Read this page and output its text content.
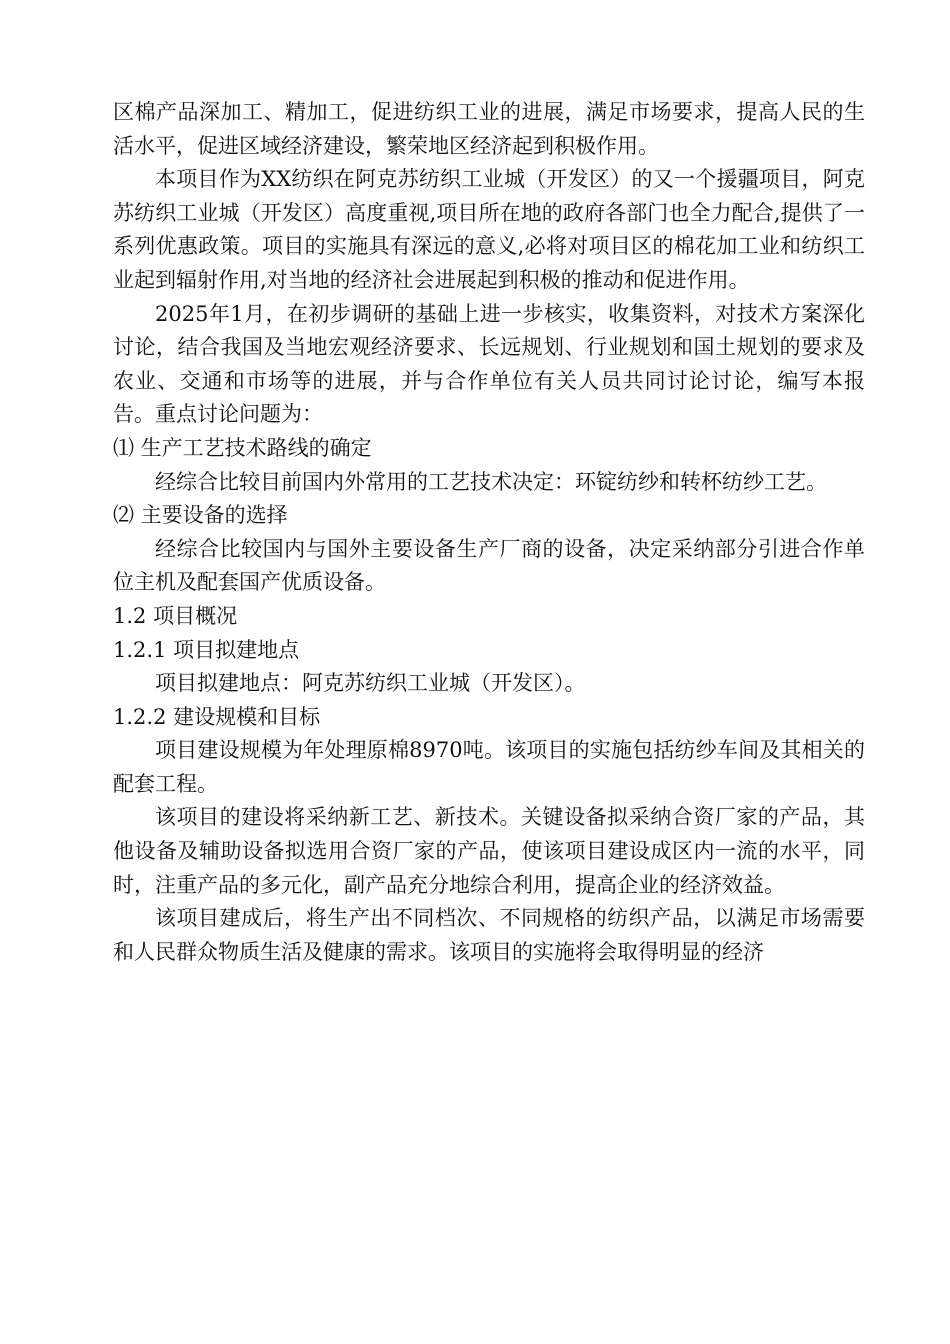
区棉产品深加工、精加工，促进纺织工业的进展，满足市场要求，提高人民的生活水平，促进区域经济建设，繁荣地区经济起到积极作用。

本项目作为XX纺织在阿克苏纺织工业城（开发区）的又一个援疆项目，阿克苏纺织工业城（开发区）高度重视,项目所在地的政府各部门也全力配合,提供了一系列优惠政策。项目的实施具有深远的意义,必将对项目区的棉花加工业和纺织工业起到辐射作用,对当地的经济社会进展起到积极的推动和促进作用。

2025年1月，在初步调研的基础上进一步核实，收集资料，对技术方案深化讨论，结合我国及当地宏观经济要求、长远规划、行业规划和国土规划的要求及农业、交通和市场等的进展，并与合作单位有关人员共同讨论讨论，编写本报告。重点讨论问题为：

⑴ 生产工艺技术路线的确定

经综合比较目前国内外常用的工艺技术决定：环锭纺纱和转杯纺纱工艺。

⑵ 主要设备的选择

经综合比较国内与国外主要设备生产厂商的设备，决定采纳部分引进合作单位主机及配套国产优质设备。

1.2 项目概况

1.2.1 项目拟建地点

项目拟建地点：阿克苏纺织工业城（开发区）。

1.2.2 建设规模和目标

项目建设规模为年处理原棉8970吨。该项目的实施包括纺纱车间及其相关的配套工程。

该项目的建设将采纳新工艺、新技术。关键设备拟采纳合资厂家的产品，其他设备及辅助设备拟选用合资厂家的产品，使该项目建设成区内一流的水平，同时，注重产品的多元化，副产品充分地综合利用，提高企业的经济效益。

该项目建成后，将生产出不同档次、不同规格的纺织产品，以满足市场需要和人民群众物质生活及健康的需求。该项目的实施将会取得明显的经济
